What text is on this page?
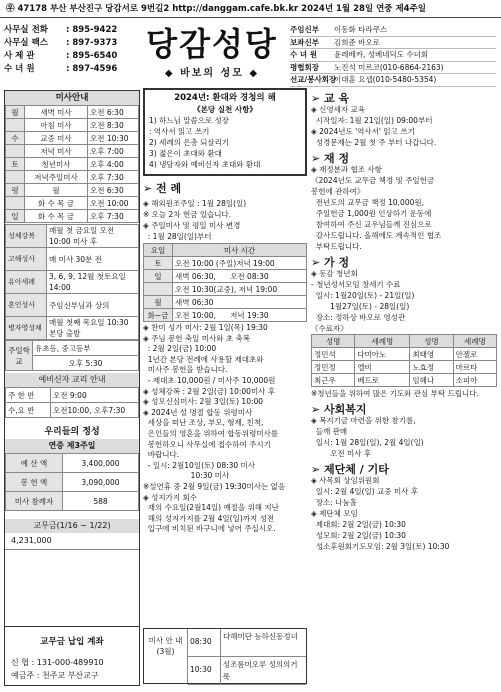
㉾ 47178 부산 부산진구 당감서로 9번길2 http://danggam.cafe.bk.kr 2024년 1월 28일 연중 제4주일
사무실 전화 : 895-9422
사무실 팩스 : 897-9373
사 제 관	: 895-6540
수 녀 원	: 897-4596
당감성당
◆ 바보의 성모 ◆
주임신부 이동화 타라쿠스
보좌신부 김희준 바오로
수 녀 원 윤레베카, 성베네딕도 수녀회
평협회장 노진석 미르코(010-6864-2163)
선교/봉사회장이대훈 요셉(010-5480-5354)
미사안내
월	새벽 미사	오전 6:30
	아침 미사	오전 8:30
수	교중 미사	오전 10:30
	저녁 미사	오후 7:00
토	청년미사	오후 4:00
	저녁주일미사	오후 7:30
평	월	오전 6:30
	화 수 목 금	오전 10:00
일	화 수 목 금	오후 7:30
성체강복	매월 첫 금요일 오전 10:00 미사 후
고해성사	매 미사 30분 전
유아세례	3, 6, 9, 12월 첫토요일 14:00
혼인성사	주임신부님과 상의
병자영성체	매월 첫째 목요일 10:30 본당 출발
주일학교	유초등, 중고등부
오후 5:30
예비신자 교리 안내
주 한 반	오전 9:00
수,요 반	오전10:00, 오후7:30
우리들의 정성
연중 제3주일
예 산 액	3,400,000
봉 헌 액	3,090,000
미사 참례자	588
교무금(1/16 ~ 1/22)
4,231,000
교무금 납입 계좌
신 협 : 131-000-489910
예금주 : 천주교 부산교구
2024년: 환대와 경청의 해
《본당 실천 사항》
1) 하느님 말씀으로 성장
: 역사서 읽고 쓰기
2) 세례의 은총 되살리기
3) 젊은이 초대와 환대
4) 냉담자와 예비신자 초대와 환대
➢ 전 례
◈ 해외원조주일 : 1월 28일(일)
※ 오늘 2차 헌금 있습니다.
◈ 주일미사 및 평일 미사 변경
: 1월 28일(일)부터
요일	미사 시간
토	오전 10:00 (주일)저녁 19:00
일	새벽 06:30,      오전 08:30
	오전 10:30(교중), 저녁 19:00
월	새벽 06:30
화~금	오전 10:00,      저녁 19:30
◈ 찬미 성가 미사: 2월 1일(목) 19:30
◈ 주님 봉헌 축일 미사와 초 축복
: 2월 2일(금) 10:00
1년간 본당 전례에 사용할 제대초와
미사주 봉헌을 받습니다.
- 제대초 10,000원 / 미사주 10,000원
◈ 성체강복 : 2월 2일(금) 10:00미사 후
◈ 성모신심미사: 2월 3일(토) 10:00
◈ 2024년 설 명절 합동 위령미사
세상을 떠난 조상, 부모, 형제, 친척,
은인들의 영혼을 위하여 합동위령미사를
봉헌하오니 사무실에 접수하여 주시기
바랍니다.
- 일시: 2월10일(토) 08:30 미사
10:30 미사
※설연휴 중 2월 9일(금) 19:30미사는 없음
◈ 성지가지 회수
재의 수요일(2월14일) 예절을 위해 지난
해의 성지가지를 2월 4일(일)까지 성전
입구에 비치된 바구니에 넣어 주십시오.
미사 안 내 (3월)
08:30
다해미단 능하신동정녀
10:30
성조롬미오루 성의의거룩
➢ 교 육
◈ 신영세자 교육
시작일자: 1월 21일(일) 09:00부터
◈ 2024년도 '역사서' 읽고 쓰기
성경문제는 2월 첫 주 부터 나갑니다.
➢ 재 정
◈ 재정분과 협조 사항
《2024년도 교무금 책정 및 주일헌금
봉헌에 관하여》
전년도의 교무금 책정 10,000원,
주일헌금 1,000원 인상하기 운동에
참여하여 주신 교우님들께 진심으로
감사드립니다. 올해에도 계속적인 협조
부탁드립니다.
➢ 가 정
◈ 동감 청년회
- 청년성서모임 창세기 수료
일시: 1월20일(토) - 21일(일)
1월27일(토) - 28일(일)
장소: 정하상 바오로 영성관
《수료자》
성명	세례명	성명	세례명
정민석	다미아노	최태영	안젤로
정민정	엘비	노효정	마르타
최근우	베드로	임혜나	소피아
※청년들을 위하여 많은 기도와 관심 부탁 드립니다.
➢ 사회복지
◈ 복지기금 마련을 위한 참기름,
들깨 판매
일시: 1월 28일(일), 2월 4일(일)
오전 미사 후
➢ 제단체 / 기타
◈ 사목회 상임위원회
일시: 2월 4일(일) 교중 미사 후
장소: 나눔홀
◈ 제단체 모임
제대회: 2월 2일(금) 10:30
성모회: 2월 2일(금) 10:30
성소후원회기도모임: 2월 3일(토) 10:30
